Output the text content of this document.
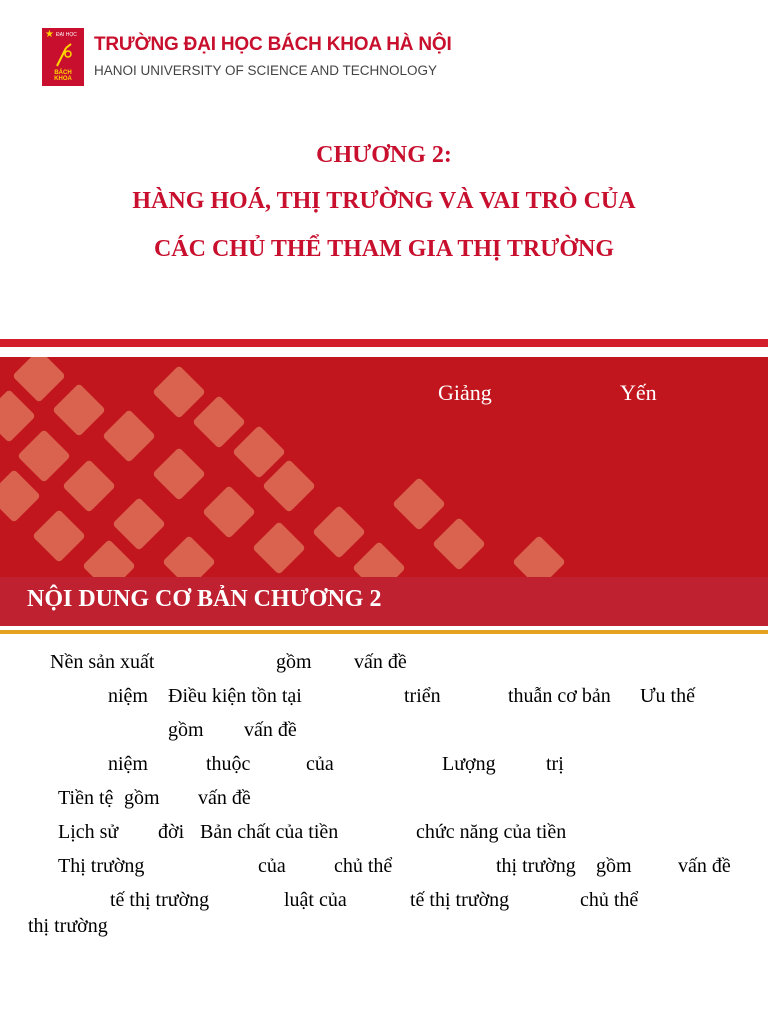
★ ĐẠI HỌC
BÁCH KHOA
TRƯỜNG ĐẠI HỌC BÁCH KHOA HÀ NỘI
HANOI UNIVERSITY OF SCIENCE AND TECHNOLOGY
CHƯƠNG 2:
HÀNG HOÁ, THỊ TRƯỜNG VÀ VAI TRÒ CỦA
CÁC CHỦ THỂ THAM GIA THỊ TRƯỜNG
Giảng	Yến
NỘI DUNG CƠ BẢN CHƯƠNG 2
Nền sản xuất	gồm vấn đề
niệm Điều kiện tồn tại	triển	thuẫn cơ bản Ưu thế
gồm vấn đề
niệm	thuộc	của	Lượng	trị
Tiền tệ gồm vấn đề
Lịch sử đời Bản chất của tiền	chức năng của tiền
Thị trường	của chủ thể	thị trường gồm vấn đề
tế thị trường	luật của	tế thị trường	chủ thể
thị trường
